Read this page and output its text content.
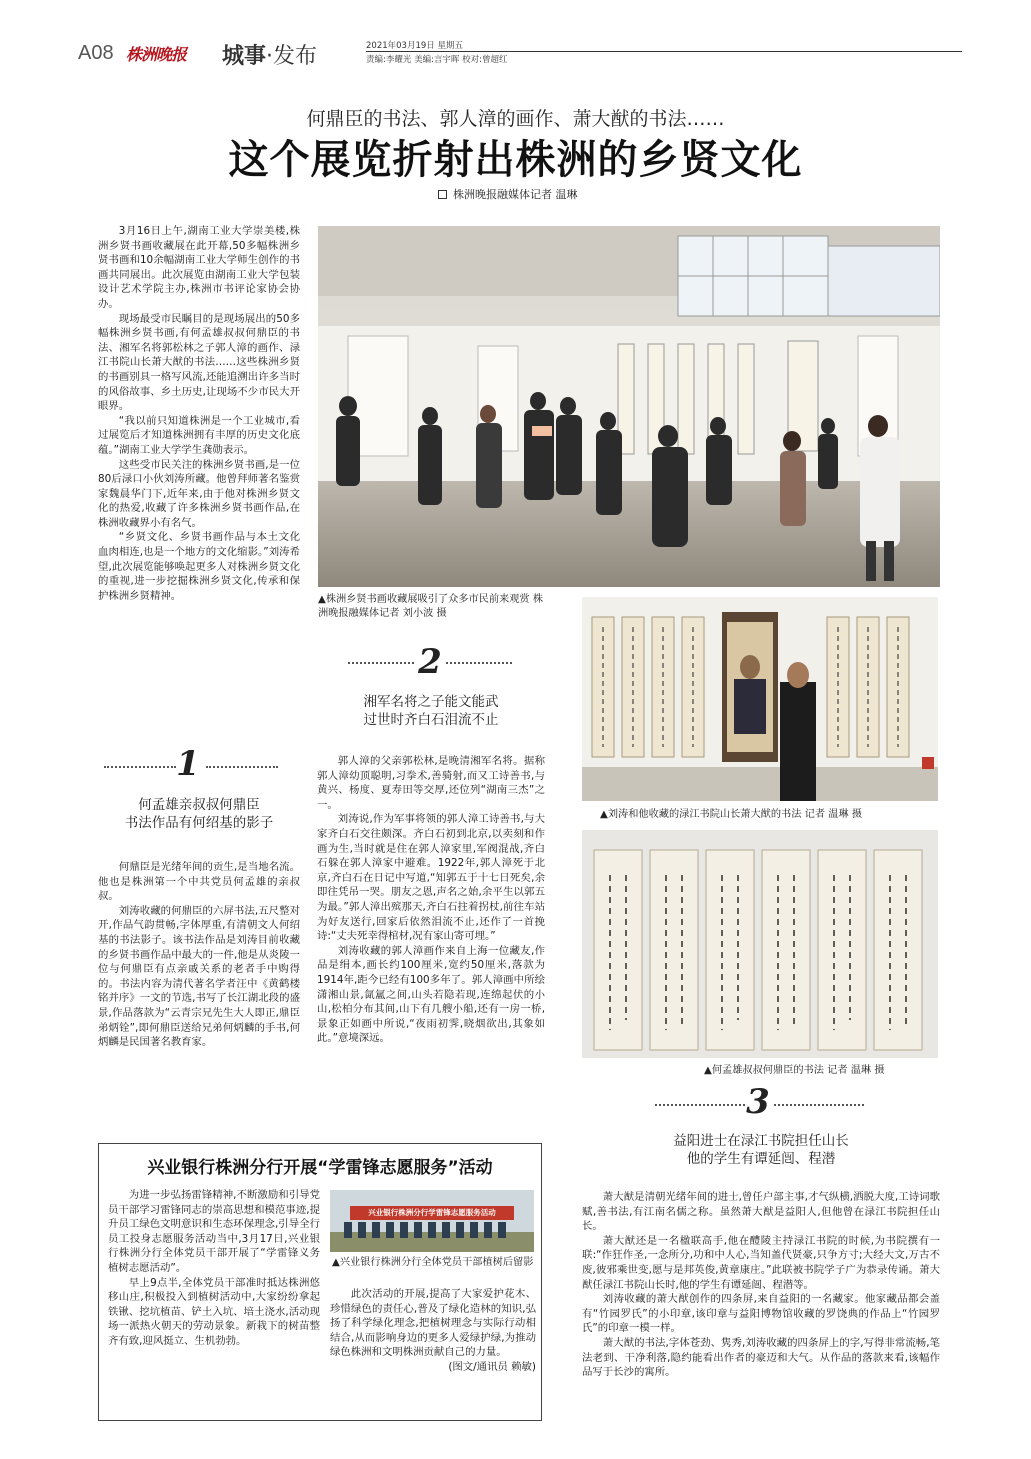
A08 株洲晚报 城事·发布	2021年03月19日 星期五
责编:李耀光 美编:言宇晖 校对:曾超红
何鼎臣的书法、郭人漳的画作、萧大猷的书法……
这个展览折射出株洲的乡贤文化
株洲晚报融媒体记者 温琳

3月16日上午,湖南工业大学崇美楼,株洲乡贤书画收藏展在此开幕,50多幅株洲乡贤书画和10余幅湖南工业大学师生创作的书画共同展出。此次展览由湖南工业大学包装设计艺术学院主办,株洲市书评论家协会协办。

现场最受市民瞩目的是现场展出的50多幅株洲乡贤书画,有何孟雄叔叔何鼎臣的书法、湘军名将郭松林之子郭人漳的画作、渌江书院山长萧大猷的书法……这些株洲乡贤的书画别具一格写风流,还能追溯出许多当时的风俗故事、乡土历史,让现场不少市民大开眼界。

“我以前只知道株洲是一个工业城市,看过展览后才知道株洲拥有丰厚的历史文化底蕴。”湖南工业大学学生龚勋表示。

这些受市民关注的株洲乡贤书画,是一位80后渌口小伙刘涛所藏。他曾拜师著名鉴赏家魏晨华门下,近年来,由于他对株洲乡贤文化的热爱,收藏了许多株洲乡贤书画作品,在株洲收藏界小有名气。

“乡贤文化、乡贤书画作品与本土文化血肉相连,也是一个地方的文化缩影。”刘涛希望,此次展览能够唤起更多人对株洲乡贤文化的重视,进一步挖掘株洲乡贤文化,传承和保护株洲乡贤精神。	▲株洲乡贤书画收藏展吸引了众多市民前来观赏 株洲晚报融媒体记者 刘小波 摄
2
湘军名将之子能文能武
过世时齐白石泪流不止

郭人漳的父亲郭松林,是晚清湘军名将。据称郭人漳幼顶聪明,习拳术,善骑射,而又工诗善书,与黄兴、杨度、夏寿田等交厚,还位列“湖南三杰”之一。

刘涛说,作为军事将领的郭人漳工诗善书,与大家齐白石交往颇深。齐白石初到北京,以卖刻和作画为生,当时就是住在郭人漳家里,军阀混战,齐白石躲在郭人漳家中避难。1922年,郭人漳死于北京,齐白石在日记中写道,“知郭五于十七日死矣,余即往凭吊一哭。朋友之恩,声名之始,余平生以郭五为最。”郭人漳出殡那天,齐白石拄着拐杖,前往车站为好友送行,回家后依然泪流不止,还作了一首挽诗:“丈夫死幸得棺材,况有家山寄可埋。”

刘涛收藏的郭人漳画作来自上海一位藏友,作品是绢本,画长约100厘米,宽约50厘米,落款为1914年,距今已经有100多年了。郭人漳画中所绘潇湘山景,氤氲之间,山头若隐若现,连绵起伏的小山,松柏分布其间,山下有几艘小船,还有一房一桥,景象正如画中所说,“夜雨初霁,晓烟欲出,其象如此。”意境深远。

1
何孟雄亲叔叔何鼎臣
书法作品有何绍基的影子

何鼎臣是光绪年间的贡生,是当地名流。他也是株洲第一个中共党员何孟雄的亲叔叔。

刘涛收藏的何鼎臣的六屏书法,五尺整对开,作品气韵贯畅,字体厚重,有清朝文人何绍基的书法影子。该书法作品是刘涛目前收藏的乡贤书画作品中最大的一件,他是从炎陵一位与何鼎臣有点亲戚关系的老者手中购得的。书法内容为清代著名学者汪中《黄鹤楼铭并序》一文的节选,书写了长江湖北段的盛景,作品落款为“云青宗兄先生大人即正,鼎臣弟炳铨”,即何鼎臣送给兄弟何炳麟的手书,何炳麟是民国著名教育家。

▲刘涛和他收藏的渌江书院山长萧大猷的书法 记者 温琳 摄
▲何孟雄叔叔何鼎臣的书法 记者 温琳 摄
3
益阳进士在渌江书院担任山长
他的学生有谭延闿、程潜

萧大猷是清朝光绪年间的进士,曾任户部主事,才气纵横,洒脱大度,工诗词歌赋,善书法,有江南名儒之称。虽然萧大猷是益阳人,但他曾在渌江书院担任山长。

萧大猷还是一名楹联高手,他在醴陵主持渌江书院的时候,为书院撰有一联:“作狂作圣,一念所分,功和中人心,当知盖代贤豪,只争方寸;大经大文,万古不废,彼邪乘世变,愿与是邦英俊,黄章康庄。”此联被书院学子广为恭录传诵。萧大猷任渌江书院山长时,他的学生有谭延闿、程潜等。

刘涛收藏的萧大猷创作的四条屏,来自益阳的一名藏家。他家藏品都会盖有“竹园罗氏”的小印章,该印章与益阳博物馆收藏的罗饶典的作品上“竹园罗氏”的印章一模一样。

萧大猷的书法,字体苍劲、隽秀,刘涛收藏的四条屏上的字,写得非常流畅,笔法老到、干净利落,隐约能看出作者的豪迈和大气。从作品的落款来看,该幅作品写于长沙的寓所。

兴业银行株洲分行开展“学雷锋志愿服务”活动

为进一步弘扬雷锋精神,不断激励和引导党员干部学习雷锋同志的崇高思想和模范事迹,提升员工绿色文明意识和生态环保理念,引导全行员工投身志愿服务活动当中,3月17日,兴业银行株洲分行全体党员干部开展了“学雷锋义务植树志愿活动”。

早上9点半,全体党员干部准时抵达株洲悠移山庄,积极投入到植树活动中,大家纷纷拿起铁锹、挖坑植苗、铲土入坑、培土浇水,活动现场一派热火朝天的劳动景象。新栽下的树苗整齐有致,迎风挺立、生机勃勃。

兴业银行株洲分行学雷锋志愿服务活动
▲兴业银行株洲分行全体党员干部植树后留影

此次活动的开展,提高了大家爱护花木、珍惜绿色的责任心,普及了绿化造林的知识,弘扬了科学绿化理念,把植树理念与实际行动相结合,从而影响身边的更多人爱绿护绿,为推动绿色株洲和文明株洲贡献自己的力量。

(图文/通讯员 赖敏)
